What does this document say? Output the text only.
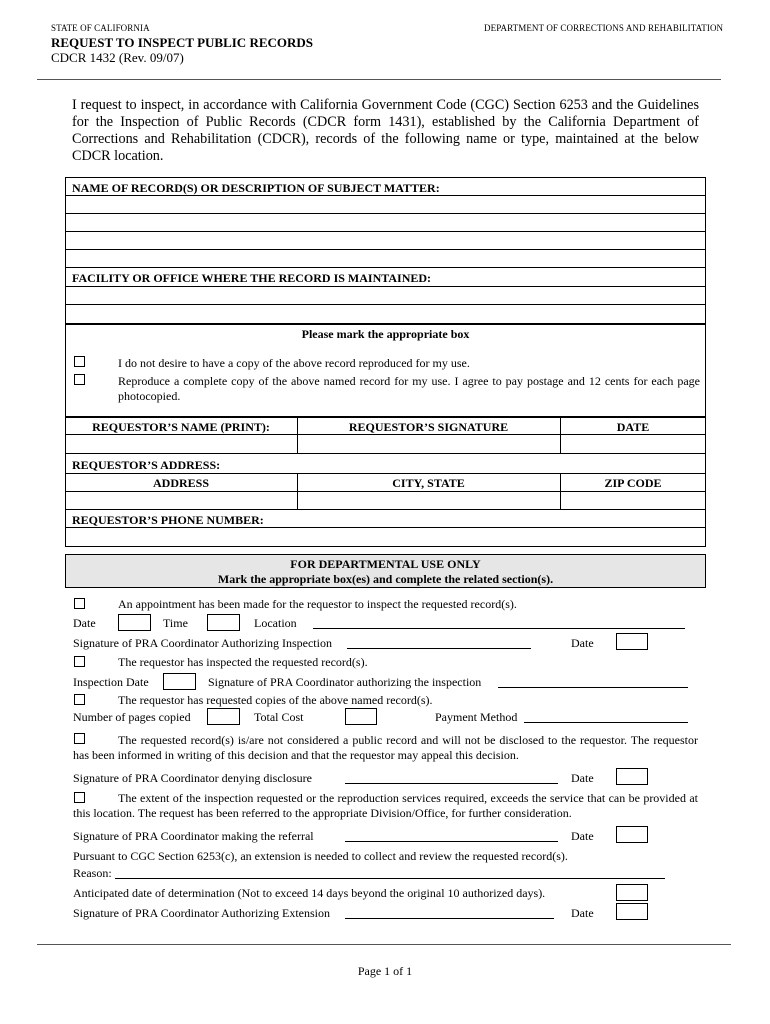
STATE OF CALIFORNIA	DEPARTMENT OF CORRECTIONS AND REHABILITATION
REQUEST TO INSPECT PUBLIC RECORDS
CDCR 1432 (Rev. 09/07)
I request to inspect, in accordance with California Government Code (CGC) Section 6253 and the Guidelines for the Inspection of Public Records (CDCR form 1431), established by the California Department of Corrections and Rehabilitation (CDCR), records of the following name or type, maintained at the below CDCR location.
NAME OF RECORD(S) OR DESCRIPTION OF SUBJECT MATTER:
FACILITY OR OFFICE WHERE THE RECORD IS MAINTAINED:
Please mark the appropriate box
I do not desire to have a copy of the above record reproduced for my use.
Reproduce a complete copy of the above named record for my use. I agree to pay postage and 12 cents for each page photocopied.
REQUESTOR’S NAME (PRINT):	REQUESTOR’S SIGNATURE	DATE
REQUESTOR’S ADDRESS:
ADDRESS	CITY, STATE	ZIP CODE
REQUESTOR’S PHONE NUMBER:
FOR DEPARTMENTAL USE ONLY
Mark the appropriate box(es) and complete the related section(s).
An appointment has been made for the requestor to inspect the requested record(s).
Date	Time	Location
Signature of PRA Coordinator Authorizing Inspection	Date
The requestor has inspected the requested record(s).
Inspection Date	Signature of PRA Coordinator authorizing the inspection
The requestor has requested copies of the above named record(s).
Number of pages copied	Total Cost	Payment Method
The requested record(s) is/are not considered a public record and will not be disclosed to the requestor. The requestor has been informed in writing of this decision and that the requestor may appeal this decision.
Signature of PRA Coordinator denying disclosure	Date
The extent of the inspection requested or the reproduction services required, exceeds the service that can be provided at this location. The request has been referred to the appropriate Division/Office, for further consideration.
Signature of PRA Coordinator making the referral	Date
Pursuant to CGC Section 6253(c), an extension is needed to collect and review the requested record(s).
Reason:
Anticipated date of determination (Not to exceed 14 days beyond the original 10 authorized days).
Signature of PRA Coordinator Authorizing Extension	Date
Page 1 of 1
